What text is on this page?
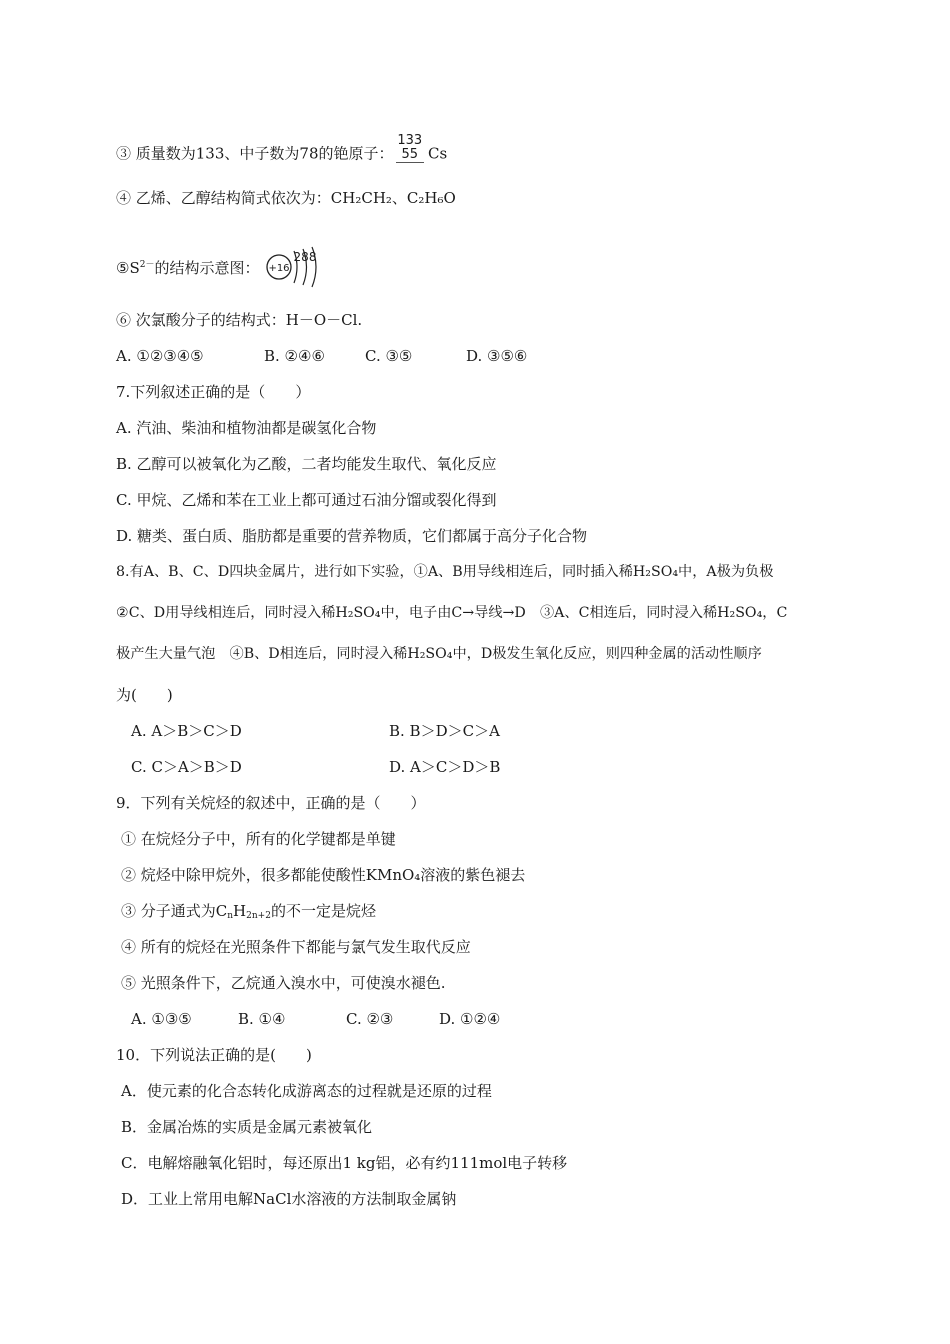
③ 质量数为133、中子数为78的铯原子：
133
55 Cs
④ 乙烯、乙醇结构简式依次为：CH₂CH₂、C₂H₆O
$⑤S^{2-}$的结构示意图： +16
288
⑥ 次氯酸分子的结构式：H－O－Cl.
A. ①②③④⑤	B. ②④⑥	C. ③⑤	D. ③⑤⑥
7.下列叙述正确的是（　　）
A. 汽油、柴油和植物油都是碳氢化合物
B. 乙醇可以被氧化为乙酸，二者均能发生取代、氧化反应
C. 甲烷、乙烯和苯在工业上都可通过石油分馏或裂化得到
D. 糖类、蛋白质、脂肪都是重要的营养物质，它们都属于高分子化合物
8.有A、B、C、D四块金属片，进行如下实验，①A、B用导线相连后，同时插入稀H₂SO₄中，A极为负极
②C、D用导线相连后，同时浸入稀H₂SO₄中，电子由C→导线→D　③A、C相连后，同时浸入稀H₂SO₄，C
极产生大量气泡　④B、D相连后，同时浸入稀H₂SO₄中，D极发生氧化反应，则四种金属的活动性顺序
为(　　)
A. A＞B＞C＞D	B. B＞D＞C＞A
C. C＞A＞B＞D	D. A＞C＞D＞B
9．下列有关烷烃的叙述中，正确的是（　　）
① 在烷烃分子中，所有的化学键都是单键
② 烷烃中除甲烷外，很多都能使酸性KMnO₄溶液的紫色褪去
③ 分子通式为$C_nH_{2n+2}$的不一定是烷烃
④ 所有的烷烃在光照条件下都能与氯气发生取代反应
⑤ 光照条件下，乙烷通入溴水中，可使溴水褪色.
A. ①③⑤	B. ①④	C. ②③	D. ①②④
10．下列说法正确的是(　　)
A．使元素的化合态转化成游离态的过程就是还原的过程
B．金属冶炼的实质是金属元素被氧化
C．电解熔融氧化铝时，每还原出1 kg铝，必有约111mol电子转移
D．工业上常用电解NaCl水溶液的方法制取金属钠
